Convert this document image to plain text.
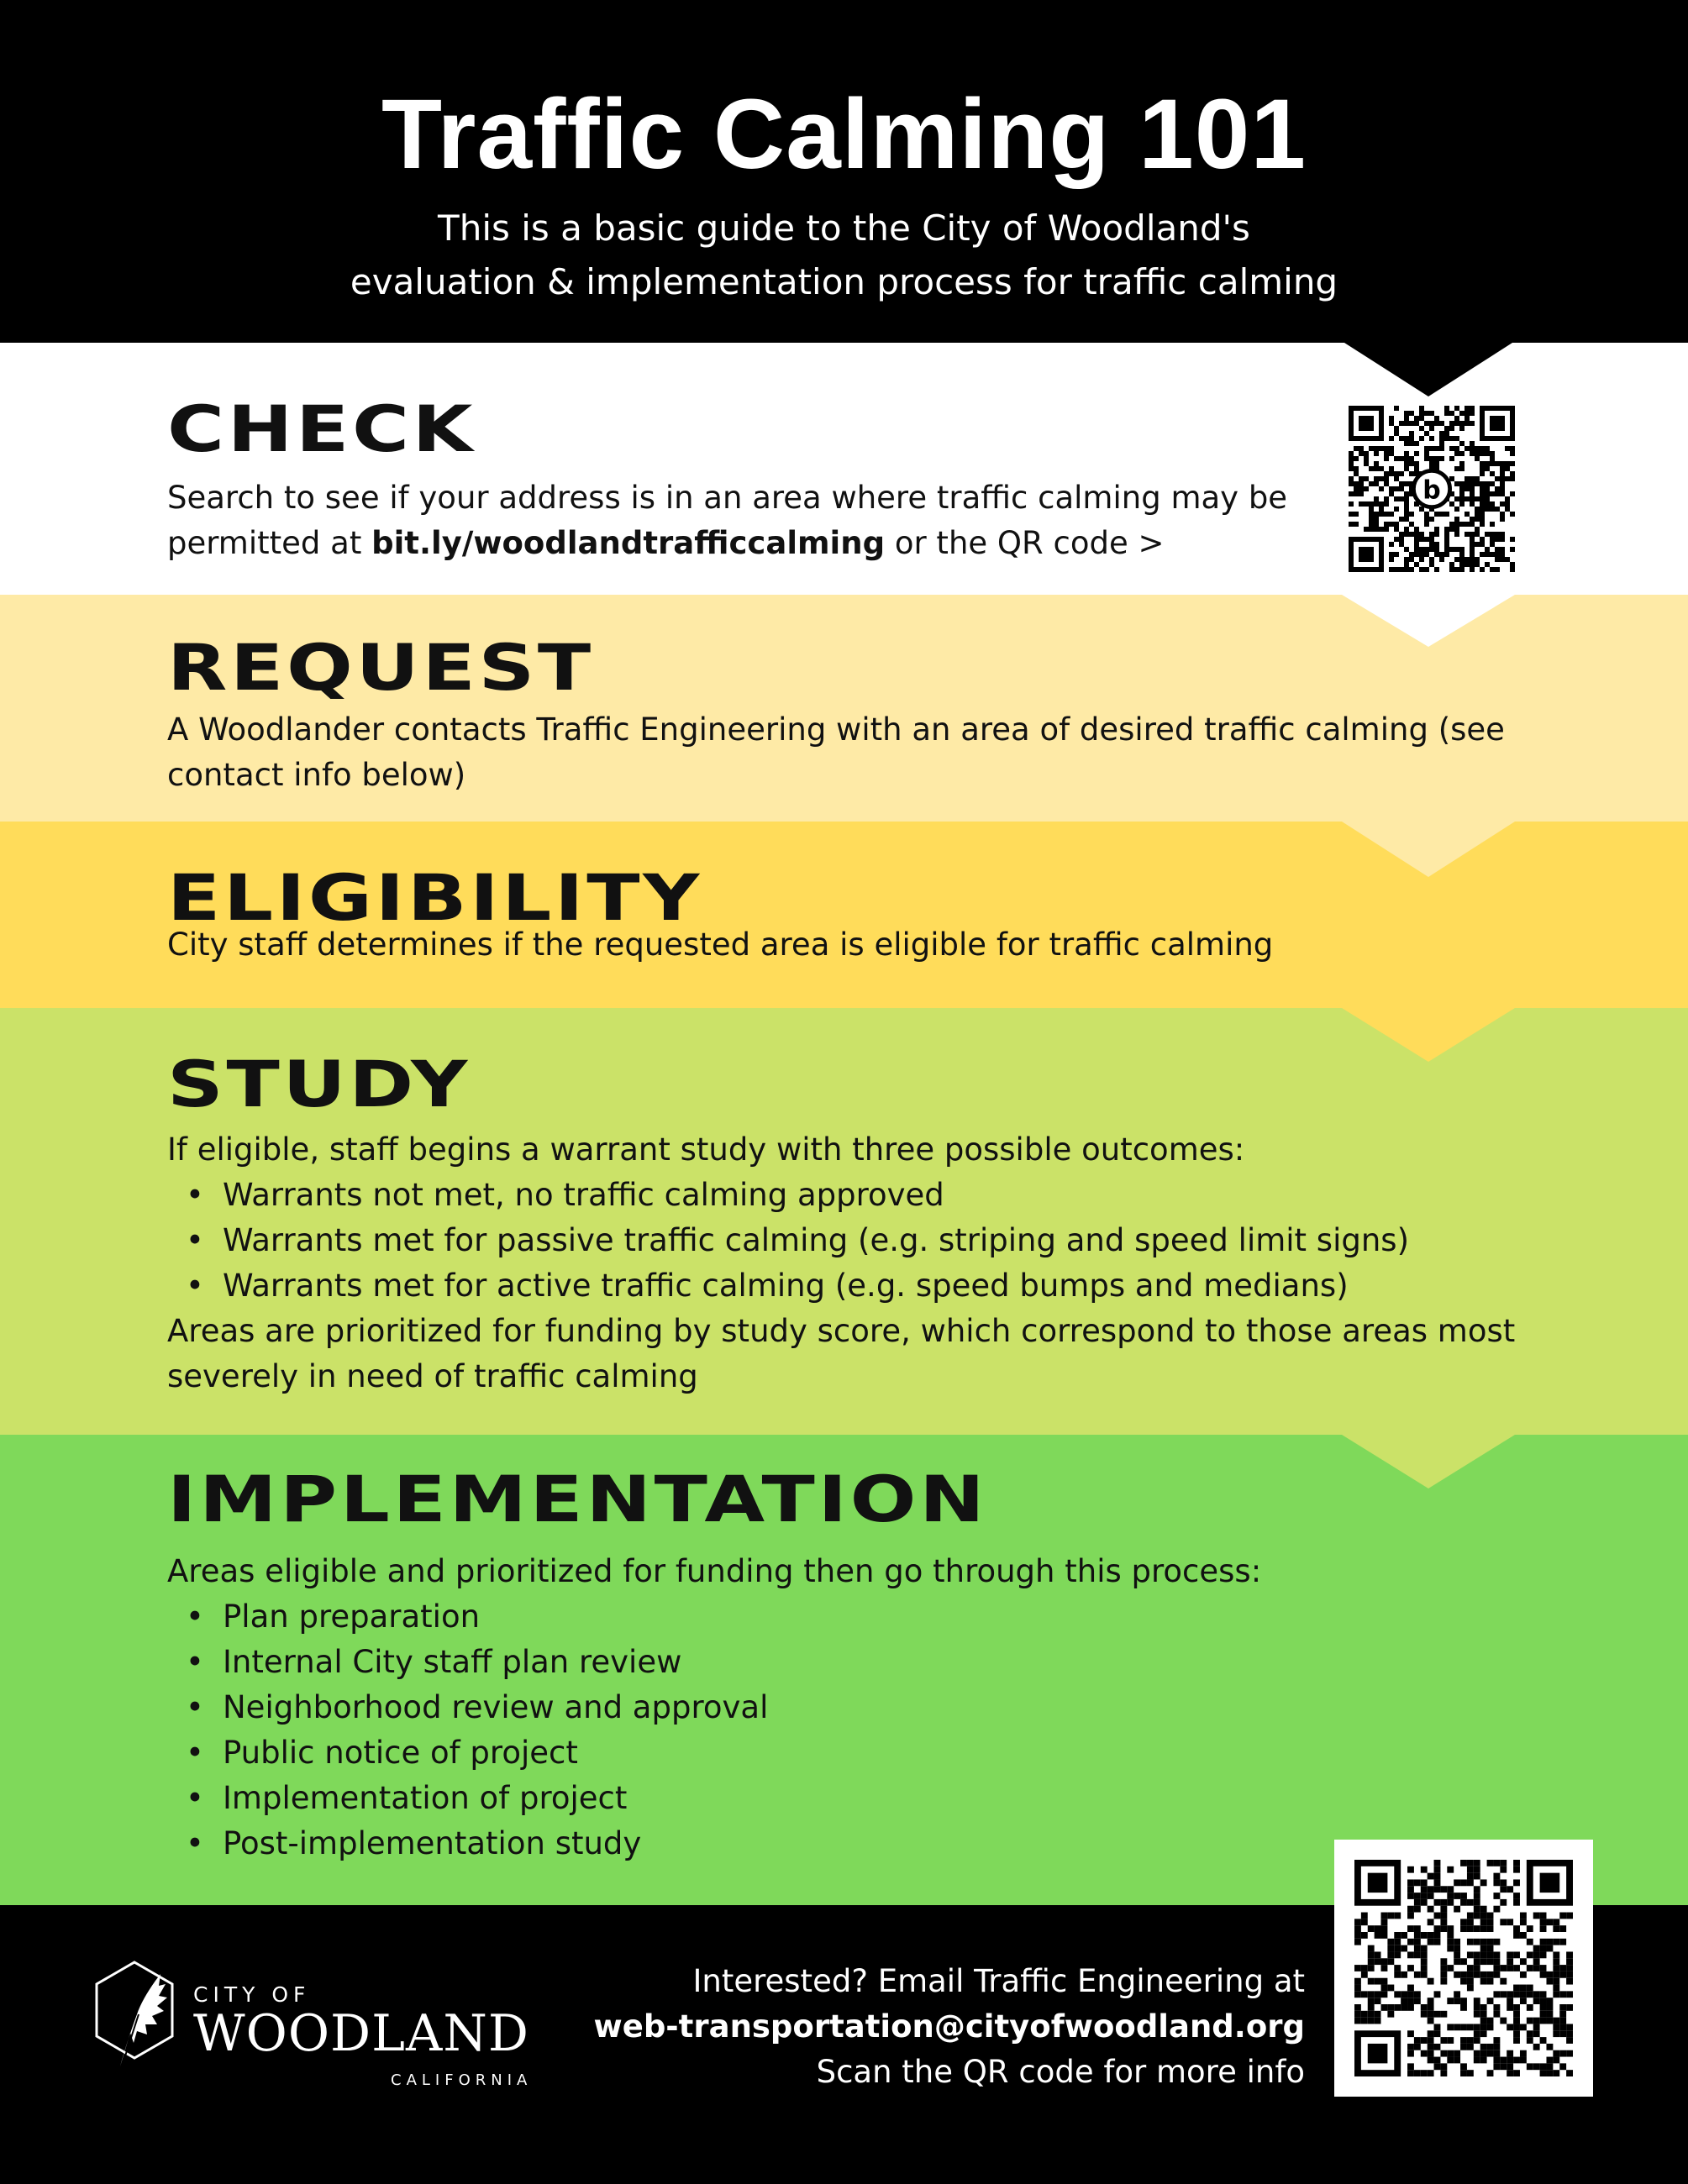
Traffic Calming 101
This is a basic guide to the City of Woodland's
evaluation & implementation process for traffic calming
CHECK
Search to see if your address is in an area where traffic calming may be permitted at bit.ly/woodlandtrafficcalming or the QR code >
b
REQUEST
A Woodlander contacts Traffic Engineering with an area of desired traffic calming (see contact info below)
ELIGIBILITY
City staff determines if the requested area is eligible for traffic calming
STUDY
If eligible, staff begins a warrant study with three possible outcomes:
• Warrants not met, no traffic calming approved
• Warrants met for passive traffic calming (e.g. striping and speed limit signs)
• Warrants met for active traffic calming (e.g. speed bumps and medians)
Areas are prioritized for funding by study score, which correspond to those areas most severely in need of traffic calming
IMPLEMENTATION
Areas eligible and prioritized for funding then go through this process:
• Plan preparation
• Internal City staff plan review
• Neighborhood review and approval
• Public notice of project
• Implementation of project
• Post-implementation study
CITY OF
WOODLAND
CALIFORNIA
Interested? Email Traffic Engineering at
web-transportation@cityofwoodland.org
Scan the QR code for more info
